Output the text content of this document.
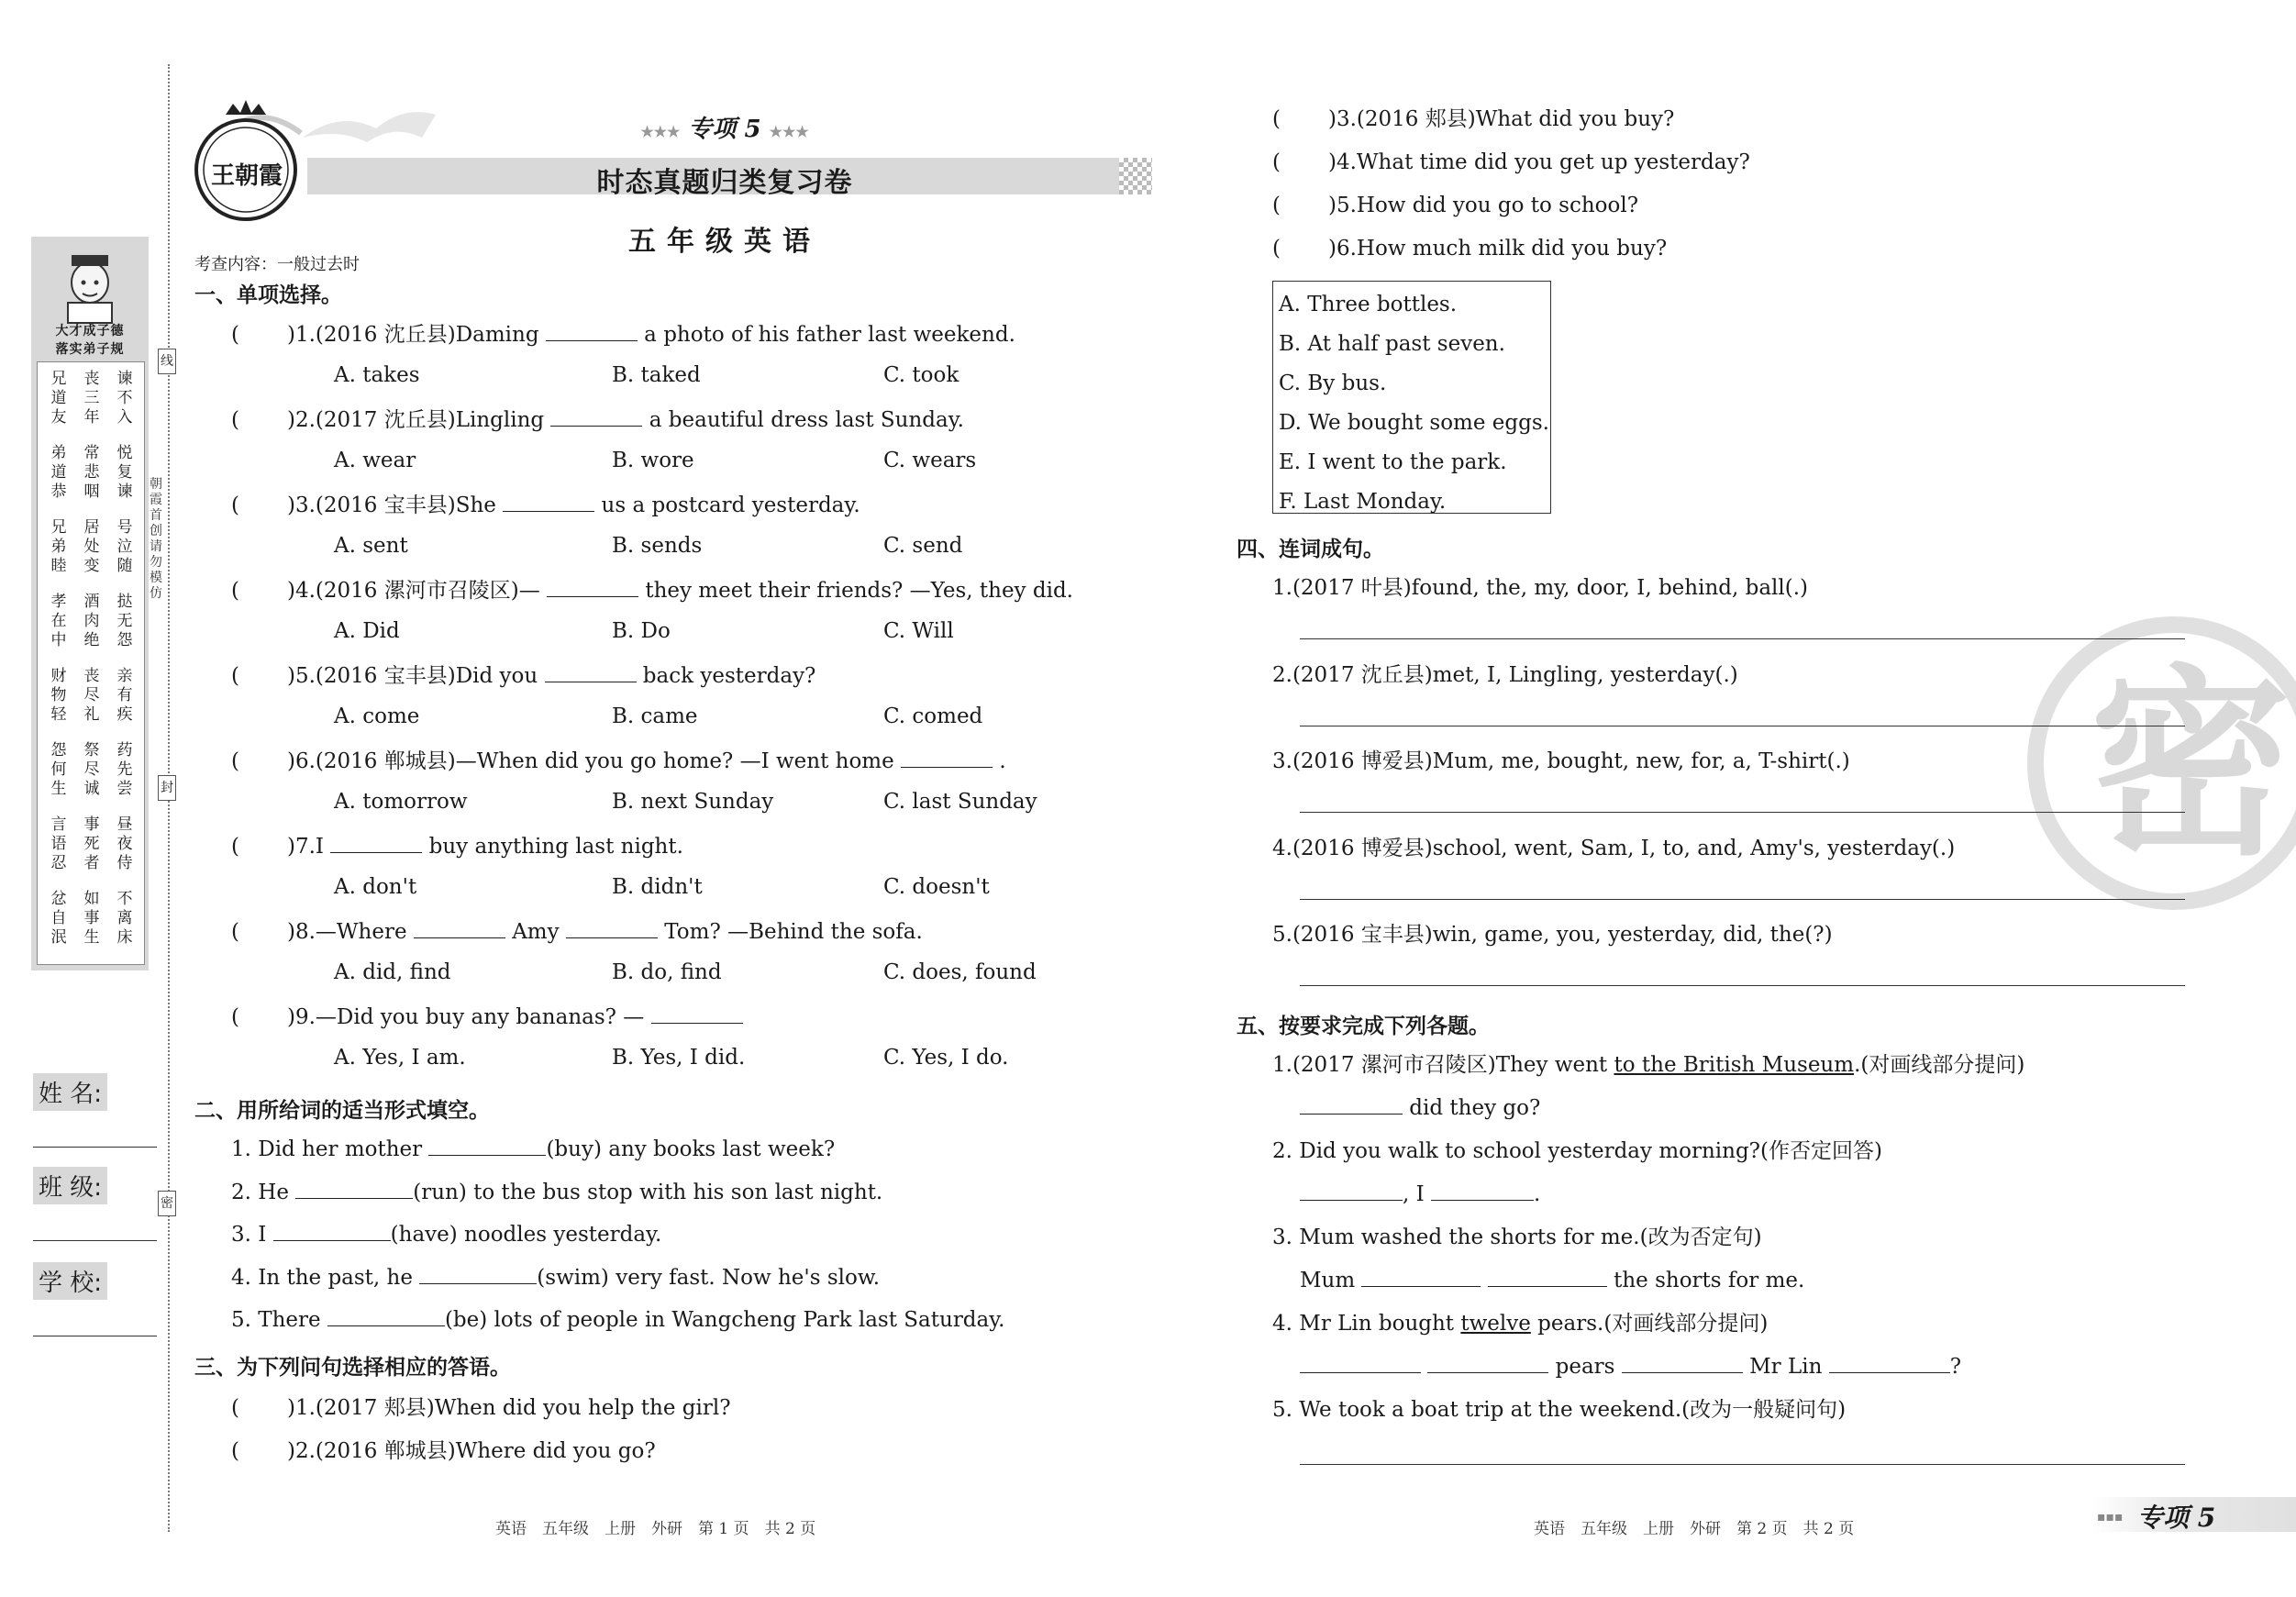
线
朝霞首创 请勿模仿
封
密
大才成子德
落实弟子规
兄道友
弟道恭
兄弟睦
孝在中
财物轻
怨何生
言语忍
忿自泯
丧三年
常悲咽
居处变
酒肉绝
丧尽礼
祭尽诚
事死者
如事生
谏不入
悦复谏
号泣随
挞无怨
亲有疾
药先尝
昼夜侍
不离床
姓 名:
班 级:
学 校:
王朝霞
★★★ 专项 5 ★★★
时态真题归类复习卷
五年级英语
考查内容：一般过去时
A. Three bottles.
B. At half past seven.
C. By bus.
D. We bought some eggs.
E. I went to the park.
F. Last Monday.
密
英语　五年级　上册　外研　第 1 页　共 2 页	英语　五年级　上册　外研　第 2 页　共 2 页
▪▪▪ 专项 5
一、单项选择。
( )1.(2016 沈丘县)Daming	a photo of his father last weekend.
A. takes	B. taked	C. took
( )2.(2017 沈丘县)Lingling	a beautiful dress last Sunday.
A. wear	B. wore	C. wears
( )3.(2016 宝丰县)She	us a postcard yesterday.
A. sent	B. sends	C. send
( )4.(2016 漯河市召陵区)—	they meet their friends? —Yes, they did.
A. Did	B. Do	C. Will
( )5.(2016 宝丰县)Did you	back yesterday?
A. come	B. came	C. comed
( )6.(2016 郸城县)—When did you go home? —I went home	.
A. tomorrow	B. next Sunday	C. last Sunday
( )7.I	buy anything last night.
A. don't	B. didn't	C. doesn't
( )8.—Where	Amy	Tom? —Behind the sofa.
A. did, find	B. do, find	C. does, found
( )9.—Did you buy any bananas? —
A. Yes, I am.	B. Yes, I did.	C. Yes, I do.
二、用所给词的适当形式填空。
1. Did her mother	(buy) any books last week?
2. He	(run) to the bus stop with his son last night.
3. I	(have) noodles yesterday.
4. In the past, he	(swim) very fast. Now he's slow.
5. There	(be) lots of people in Wangcheng Park last Saturday.
三、为下列问句选择相应的答语。
( )1.(2017 郏县)When did you help the girl?
( )2.(2016 郸城县)Where did you go?
( )3.(2016 郏县)What did you buy?
( )4.What time did you get up yesterday?
( )5.How did you go to school?
( )6.How much milk did you buy?
四、连词成句。
1.(2017 叶县)found, the, my, door, I, behind, ball(.)
2.(2017 沈丘县)met, I, Lingling, yesterday(.)
3.(2016 博爱县)Mum, me, bought, new, for, a, T-shirt(.)
4.(2016 博爱县)school, went, Sam, I, to, and, Amy's, yesterday(.)
5.(2016 宝丰县)win, game, you, yesterday, did, the(?)
五、按要求完成下列各题。
1.(2017 漯河市召陵区)They went to the British Museum.(对画线部分提问)
did they go?
2. Did you walk to school yesterday morning?(作否定回答)
, I	.
3. Mum washed the shorts for me.(改为否定句)
Mum	the shorts for me.
4. Mr Lin bought twelve pears.(对画线部分提问)
pears	Mr Lin	?
5. We took a boat trip at the weekend.(改为一般疑问句)
